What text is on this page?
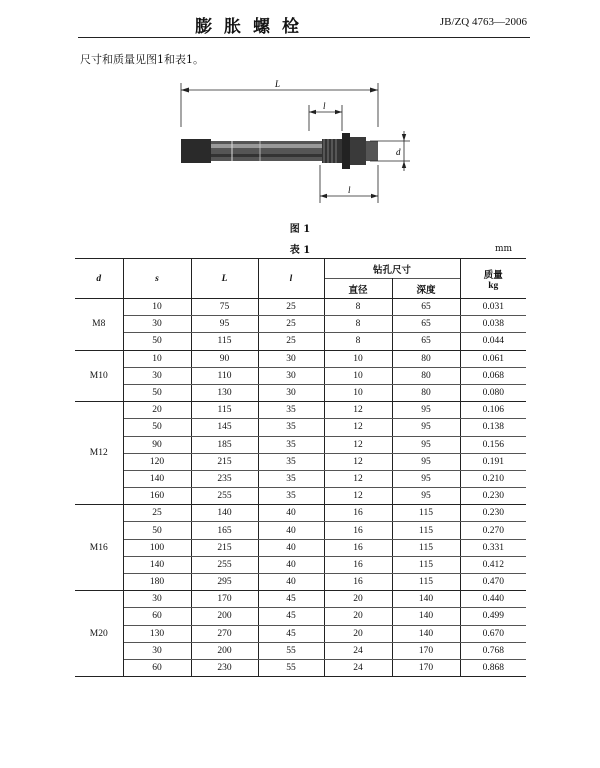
膨胀螺栓	JB/ZQ 4763—2006
尺寸和质量见图1和表1。
L
l
d
l
图 1
表 1	mm
d	s	L	l	钻孔尺寸		质量
kg

				直径	深度	
M8	10	75	25	8	65	0.031
	30	95	25	8	65	0.038
	50	115	25	8	65	0.044
M10	10	90	30	10	80	0.061
	30	110	30	10	80	0.068
	50	130	30	10	80	0.080
M12	20	115	35	12	95	0.106
	50	145	35	12	95	0.138
	90	185	35	12	95	0.156
	120	215	35	12	95	0.191
	140	235	35	12	95	0.210
	160	255	35	12	95	0.230
M16	25	140	40	16	115	0.230
	50	165	40	16	115	0.270
	100	215	40	16	115	0.331
	140	255	40	16	115	0.412
	180	295	40	16	115	0.470
M20	30	170	45	20	140	0.440
	60	200	45	20	140	0.499
	130	270	45	20	140	0.670
	30	200	55	24	170	0.768
	60	230	55	24	170	0.868
